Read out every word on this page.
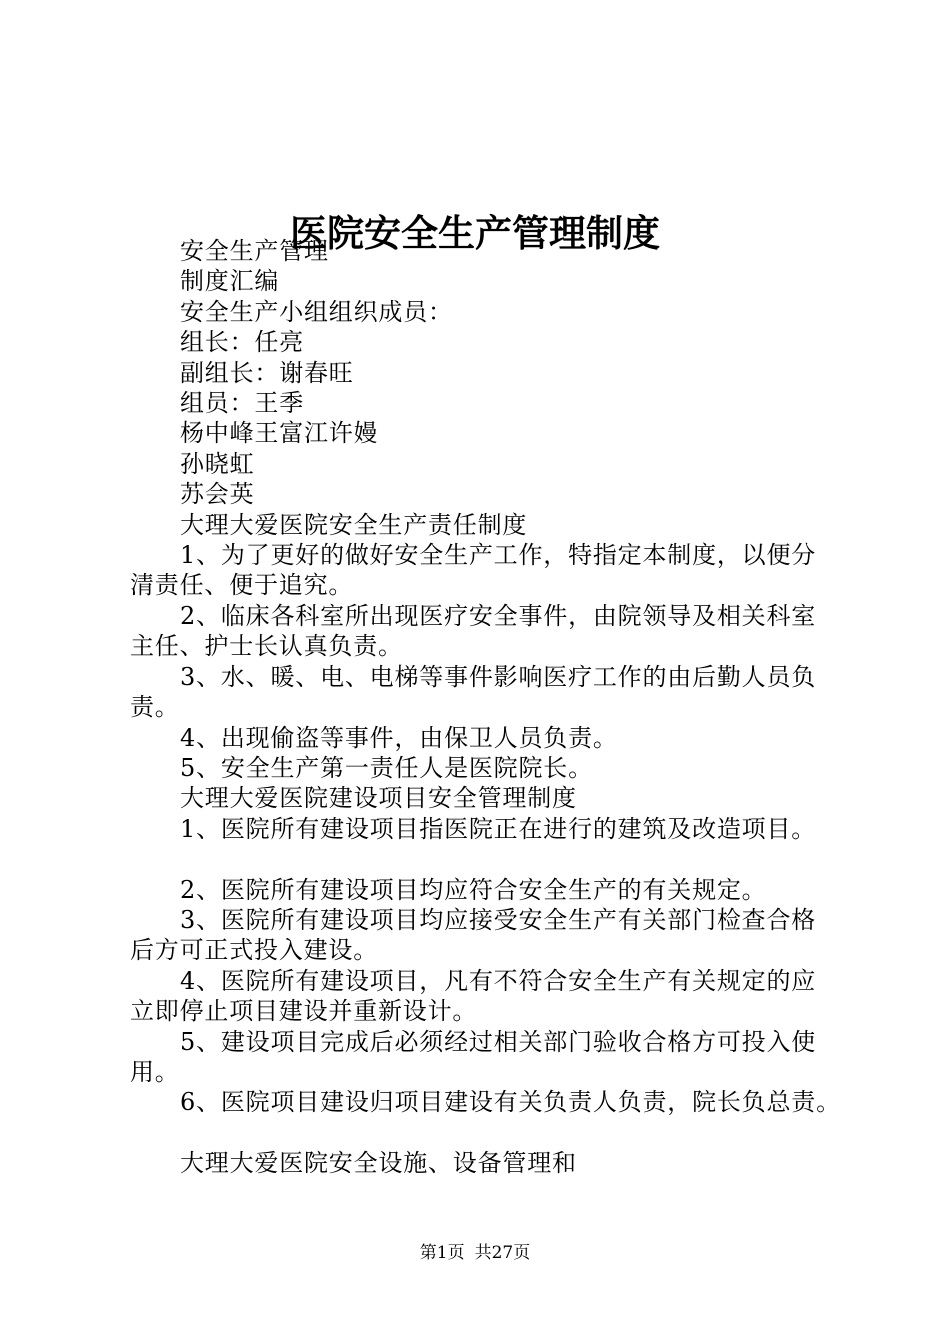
医院安全生产管理制度

安全生产管理

制度汇编

安全生产小组组织成员：

组长：任亮

副组长：谢春旺

组员：王季

杨中峰王富江许嫚

孙晓虹

苏会英

大理大爱医院安全生产责任制度

1、为了更好的做好安全生产工作，特指定本制度，以便分清责任、便于追究。

2、临床各科室所出现医疗安全事件，由院领导及相关科室主任、护士长认真负责。

3、水、暖、电、电梯等事件影响医疗工作的由后勤人员负责。

4、出现偷盗等事件，由保卫人员负责。

5、安全生产第一责任人是医院院长。

大理大爱医院建设项目安全管理制度

1、医院所有建设项目指医院正在进行的建筑及改造项目。

2、医院所有建设项目均应符合安全生产的有关规定。

3、医院所有建设项目均应接受安全生产有关部门检查合格后方可正式投入建设。

4、医院所有建设项目，凡有不符合安全生产有关规定的应立即停止项目建设并重新设计。

5、建设项目完成后必须经过相关部门验收合格方可投入使用。

6、医院项目建设归项目建设有关负责人负责，院长负总责。

大理大爱医院安全设施、设备管理和

第1页 共27页
